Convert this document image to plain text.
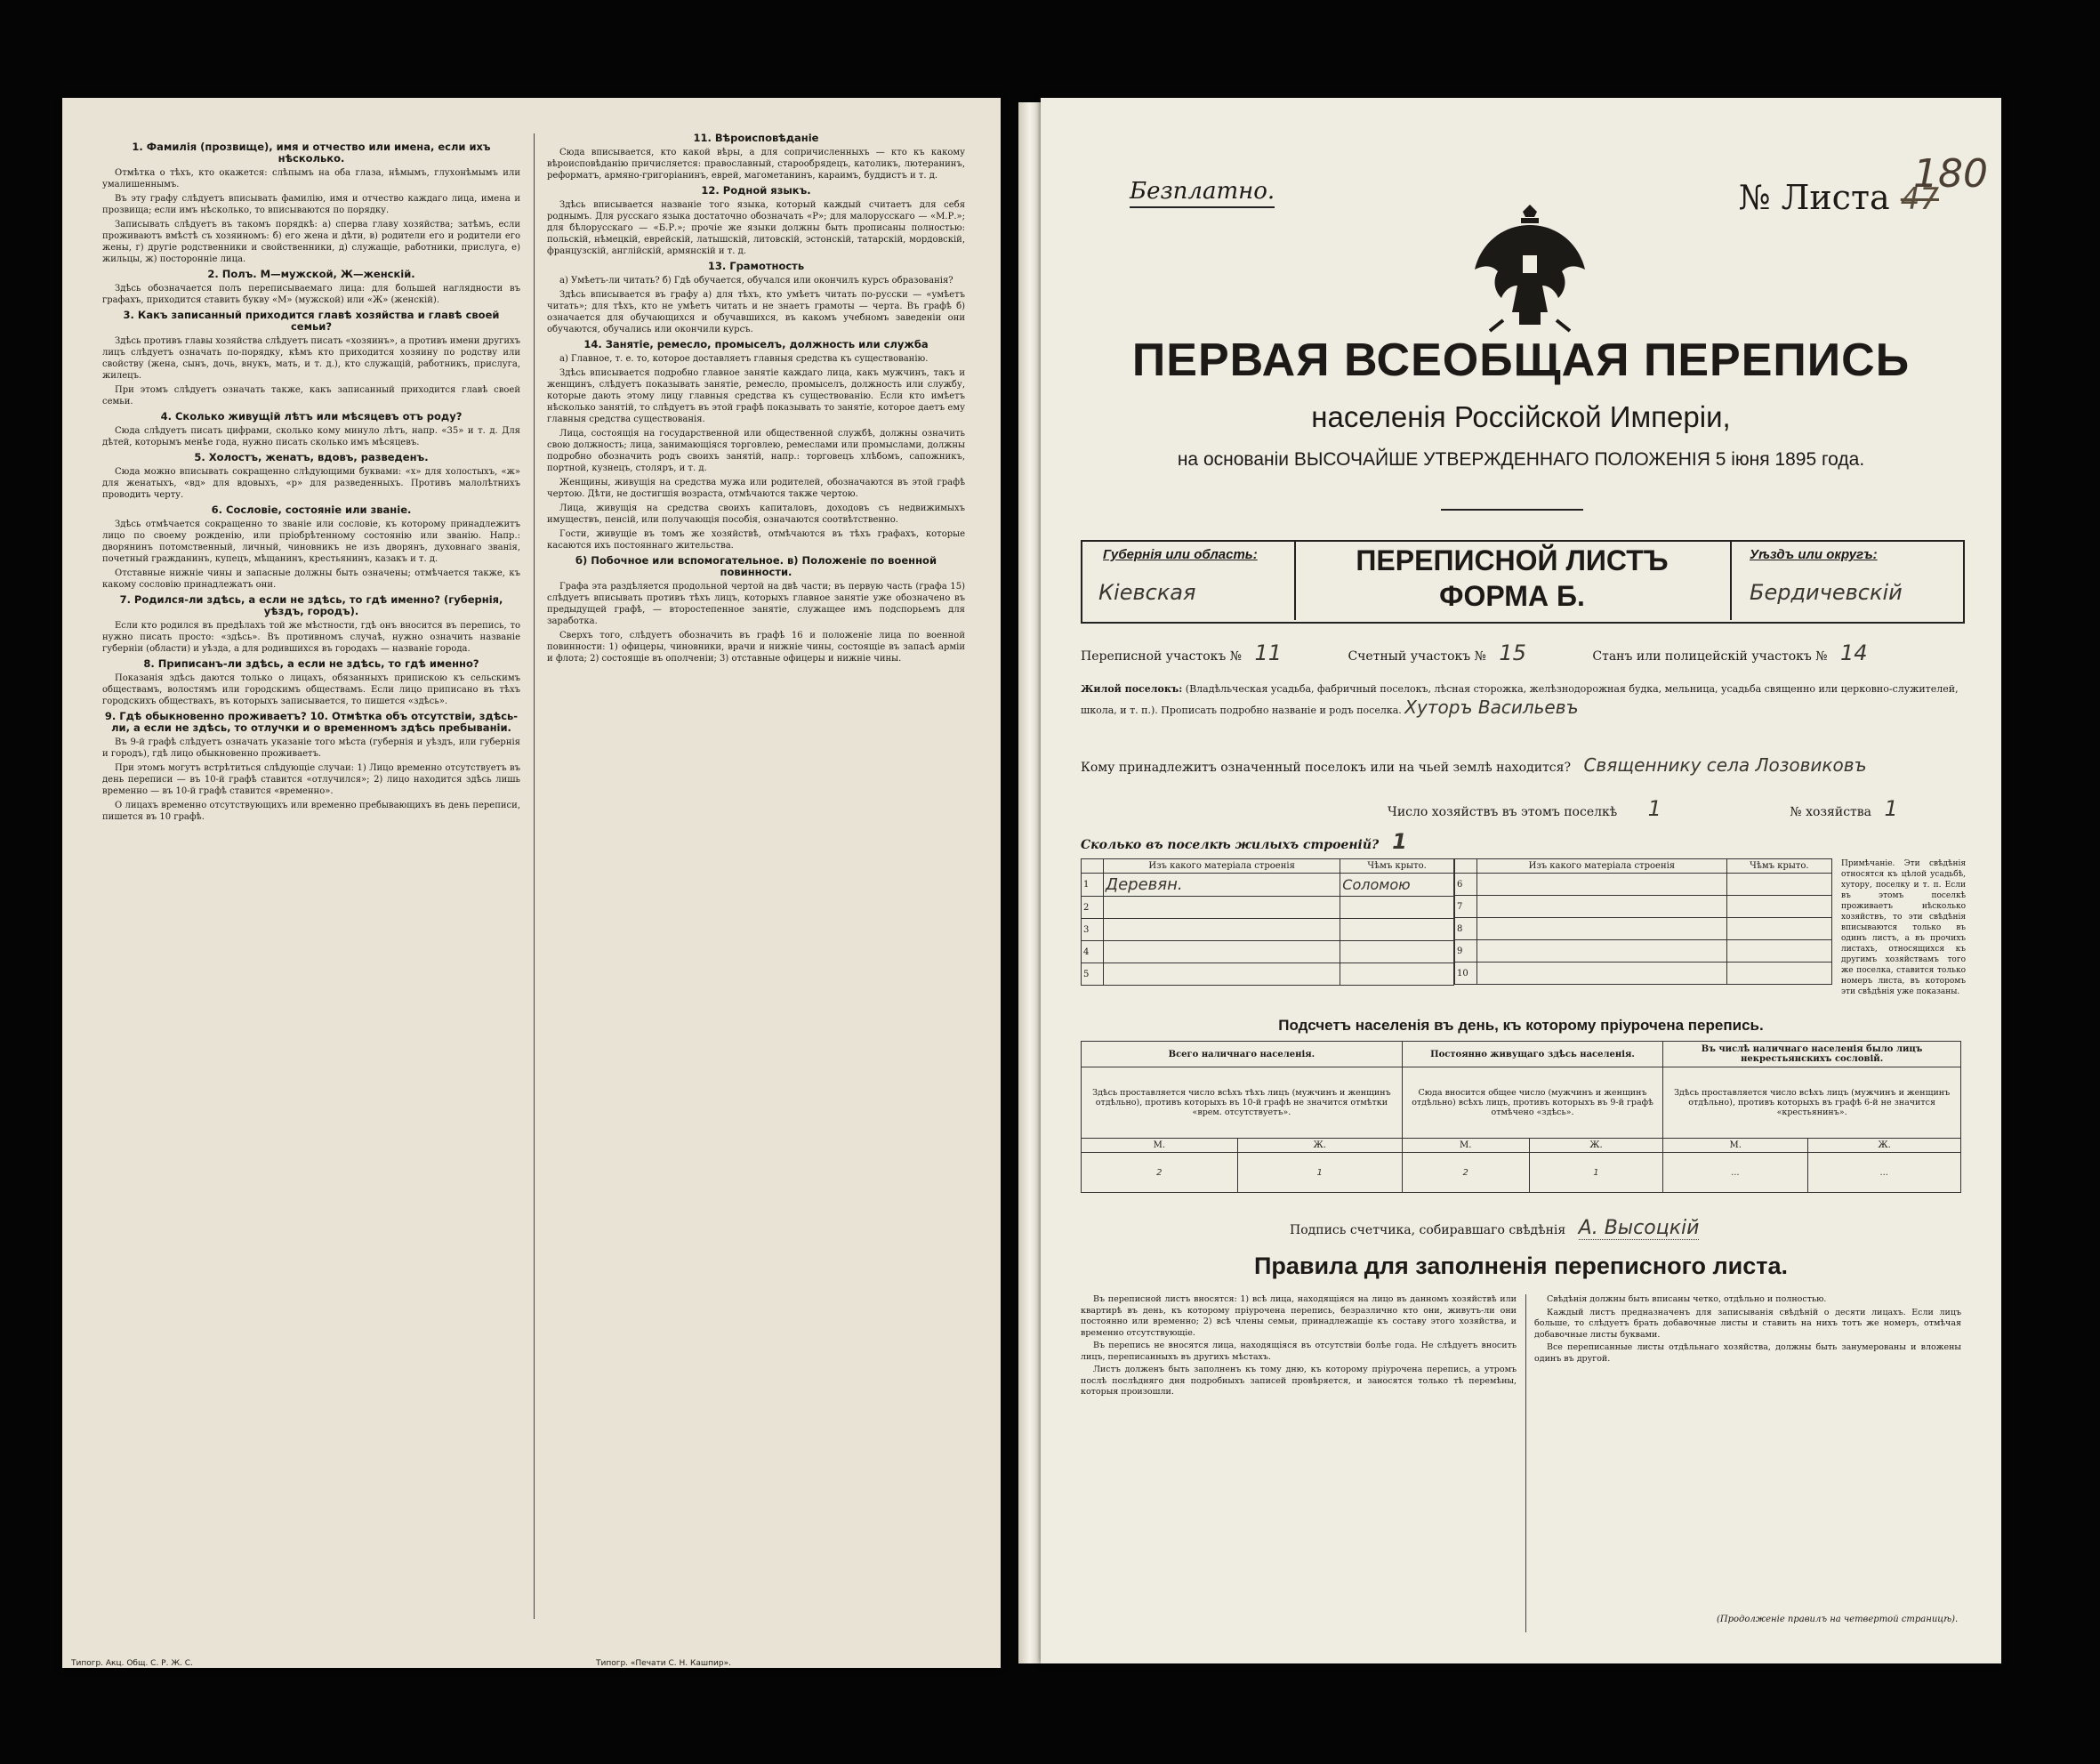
1. Фамилія (прозвище), имя и отчество или имена, если ихъ нѣсколько.

Отмѣтка о тѣхъ, кто окажется: слѣпымъ на оба глаза, нѣмымъ, глухонѣмымъ или умалишеннымъ.

Въ эту графу слѣдуетъ вписывать фамилію, имя и отчество каждаго лица, имена и прозвища; если имъ нѣсколько, то вписываются по порядку.

Записывать слѣдуетъ въ такомъ порядкѣ: а) сперва главу хозяйства; затѣмъ, если проживаютъ вмѣстѣ съ хозяиномъ: б) его жена и дѣти, в) родители его и родители его жены, г) другіе родственники и свойственники, д) служащіе, работники, прислуга, е) жильцы, ж) посторонніе лица.

2. Полъ. М—мужской, Ж—женскій.

Здѣсь обозначается полъ переписываемаго лица: для большей наглядности въ графахъ, приходится ставить букву «М» (мужской) или «Ж» (женскій).

3. Какъ записанный приходится главѣ хозяйства и главѣ своей семьи?

Здѣсь противъ главы хозяйства слѣдуетъ писать «хозяинъ», а противъ имени другихъ лицъ слѣдуетъ означать по-порядку, кѣмъ кто приходится хозяину по родству или свойству (жена, сынъ, дочь, внукъ, мать, и т. д.), кто служащій, работникъ, прислуга, жилецъ.

При этомъ слѣдуетъ означать также, какъ записанный приходится главѣ своей семьи.

4. Сколько живущій лѣтъ или мѣсяцевъ отъ роду?

Сюда слѣдуетъ писать цифрами, сколько кому минуло лѣтъ, напр. «35» и т. д. Для дѣтей, которымъ менѣе года, нужно писать сколько имъ мѣсяцевъ.

5. Холостъ, женатъ, вдовъ, разведенъ.

Сюда можно вписывать сокращенно слѣдующими буквами: «х» для холостыхъ, «ж» для женатыхъ, «вд» для вдовыхъ, «р» для разведенныхъ. Противъ малолѣтнихъ проводить черту.

6. Сословіе, состояніе или званіе.

Здѣсь отмѣчается сокращенно то званіе или сословіе, къ которому принадлежитъ лицо по своему рожденію, или пріобрѣтенному состоянію или званію. Напр.: дворянинъ потомственный, личный, чиновникъ не изъ дворянъ, духовнаго званія, почетный гражданинъ, купецъ, мѣщанинъ, крестьянинъ, казакъ и т. д.

Отставные нижніе чины и запасные должны быть означены; отмѣчается также, къ какому сословію принадлежатъ они.

7. Родился-ли здѣсь, а если не здѣсь, то гдѣ именно? (губернія, уѣздъ, городъ).

Если кто родился въ предѣлахъ той же мѣстности, гдѣ онъ вносится въ перепись, то нужно писать просто: «здѣсь». Въ противномъ случаѣ, нужно означить названіе губерніи (области) и уѣзда, а для родившихся въ городахъ — названіе города.

8. Приписанъ-ли здѣсь, а если не здѣсь, то гдѣ именно?

Показанія здѣсь даются только о лицахъ, обязанныхъ припискою къ сельскимъ обществамъ, волостямъ или городскимъ обществамъ. Если лицо приписано въ тѣхъ городскихъ обществахъ, въ которыхъ записывается, то пишется «здѣсь».

9. Гдѣ обыкновенно проживаетъ? 10. Отмѣтка объ отсутствіи, здѣсь-ли, а если не здѣсь, то отлучки и о временномъ здѣсь пребываніи.

Въ 9-й графѣ слѣдуетъ означать указаніе того мѣста (губернія и уѣздъ, или губернія и городъ), гдѣ лицо обыкновенно проживаетъ.

При этомъ могутъ встрѣтиться слѣдующіе случаи: 1) Лицо временно отсутствуетъ въ день переписи — въ 10-й графѣ ставится «отлучился»; 2) лицо находится здѣсь лишь временно — въ 10-й графѣ ставится «временно».

О лицахъ временно отсутствующихъ или временно пребывающихъ въ день переписи, пишется въ 10 графѣ.

11. Вѣроисповѣданіе

Сюда вписывается, кто какой вѣры, а для сопричисленныхъ — кто къ какому вѣроисповѣданію причисляется: православный, старообрядецъ, католикъ, лютеранинъ, реформатъ, армяно-григоріанинъ, еврей, магометанинъ, караимъ, буддистъ и т. д.

12. Родной языкъ.

Здѣсь вписывается названіе того языка, который каждый считаетъ для себя роднымъ. Для русскаго языка достаточно обозначать «Р»; для малорусскаго — «М.Р.»; для бѣлорусскаго — «Б.Р.»; прочіе же языки должны быть прописаны полностью: польскій, нѣмецкій, еврейскій, латышскій, литовскій, эстонскій, татарскій, мордовскій, французскій, англійскій, армянскій и т. д.

13. Грамотность

а) Умѣетъ-ли читать? б) Гдѣ обучается, обучался или окончилъ курсъ образованія?

Здѣсь вписывается въ графу а) для тѣхъ, кто умѣетъ читать по-русски — «умѣетъ читать»; для тѣхъ, кто не умѣетъ читать и не знаетъ грамоты — черта. Въ графѣ б) означается для обучающихся и обучавшихся, въ какомъ учебномъ заведеніи они обучаются, обучались или окончили курсъ.

14. Занятіе, ремесло, промыселъ, должность или служба

а) Главное, т. е. то, которое доставляетъ главныя средства къ существованію.

Здѣсь вписывается подробно главное занятіе каждаго лица, какъ мужчинъ, такъ и женщинъ, слѣдуетъ показывать занятіе, ремесло, промыселъ, должность или службу, которые дають этому лицу главныя средства къ существованію. Если кто имѣетъ нѣсколько занятій, то слѣдуетъ въ этой графѣ показывать то занятіе, которое даетъ ему главныя средства существованія.

Лица, состоящія на государственной или общественной службѣ, должны означить свою должность; лица, занимающіяся торговлею, ремеслами или промыслами, должны подробно обозначить родъ своихъ занятій, напр.: торговецъ хлѣбомъ, сапожникъ, портной, кузнецъ, столяръ, и т. д.

Женщины, живущія на средства мужа или родителей, обозначаются въ этой графѣ чертою. Дѣти, не достигшія возраста, отмѣчаются также чертою.

Лица, живущія на средства своихъ капиталовъ, доходовъ съ недвижимыхъ имуществъ, пенсій, или получающія пособія, означаются соотвѣтственно.

Гости, живущіе въ томъ же хозяйствѣ, отмѣчаются въ тѣхъ графахъ, которые касаются ихъ постояннаго жительства.

б) Побочное или вспомогательное. в) Положеніе по военной повинности.

Графа эта раздѣляется продольной чертой на двѣ части; въ первую часть (графа 15) слѣдуетъ вписывать противъ тѣхъ лицъ, которыхъ главное занятіе уже обозначено въ предыдущей графѣ, — второстепенное занятіе, служащее имъ подспорьемъ для заработка.

Сверхъ того, слѣдуетъ обозначить въ графѣ 16 и положеніе лица по военной повинности: 1) офицеры, чиновники, врачи и нижніе чины, состоящіе въ запасѣ арміи и флота; 2) состоящіе въ ополченіи; 3) отставные офицеры и нижніе чины.

Типогр. Акц. Общ. С. Р. Ж. С.	Типогр. «Печати С. Н. Кашпир».
Безплатно.	№ Листа 47
180
ПЕРВАЯ ВСЕОБЩАЯ ПЕРЕПИСЬ
населенія Россійской Имперіи,
на основаніи ВЫСОЧАЙШЕ УТВЕРЖДЕННАГО ПОЛОЖЕНІЯ 5 іюня 1895 года.
Губернія или область:
Кіевская
ПЕРЕПИСНОЙ ЛИСТЪ
ФОРМА Б.
Уѣздъ или округъ:
Бердичевскій
Переписной участокъ № 11	Счетный участокъ № 15	Станъ или полицейскій участокъ № 14
Жилой поселокъ: (Владѣльческая усадьба, фабричный поселокъ, лѣсная сторожка, желѣзнодорожная будка, мельница, усадьба священно или церковно-служителей, школа, и т. п.). Прописать подробно названіе и родъ поселка. Хуторъ Васильевъ
Кому принадлежитъ означенный поселокъ или на чьей землѣ находится? Священнику села Лозовиковъ
Число хозяйствъ въ этомъ поселкѣ 1	№ хозяйства 1
Сколько въ поселкѣ жилыхъ строеній? 1
	Изъ какого матеріала строенія	Чѣмъ крыто.
1	Деревян.	Соломою
2		
3		
4		
5		
	Изъ какого матеріала строенія	Чѣмъ крыто.
6		
7		
8		
9		
10		
Примѣчаніе. Эти свѣдѣнія относятся къ цѣлой усадьбѣ, хутору, поселку и т. п. Если въ этомъ поселкѣ проживаетъ нѣсколько хозяйствъ, то эти свѣдѣнія вписываются только въ одинъ листъ, а въ прочихъ листахъ, относящихся къ другимъ хозяйствамъ того же поселка, ставится только номеръ листа, въ которомъ эти свѣдѣнія уже показаны.
Подсчетъ населенія въ день, къ которому пріурочена перепись.
Всего наличнаго населенія.		Постоянно живущаго здѣсь населенія.		Въ числѣ наличнаго населенія было лицъ некрестьянскихъ сословій.	
Здѣсь проставляется число всѣхъ тѣхъ лицъ (мужчинъ и женщинъ отдѣльно), противъ которыхъ въ 10-й графѣ не значится отмѣтки «врем. отсутствуетъ».		Сюда вносится общее число (мужчинъ и женщинъ отдѣльно) всѣхъ лицъ, противъ которыхъ въ 9-й графѣ отмѣчено «здѣсь».		Здѣсь проставляется число всѣхъ лицъ (мужчинъ и женщинъ отдѣльно), противъ которыхъ въ графѣ 6-й не значится «крестьянинъ».	
М.	Ж.	М.	Ж.	М.	Ж.
2	1	2	1	...	...
Подпись счетчика, собиравшаго свѣдѣнія А. Высоцкій
Правила для заполненія переписного листа.

Въ переписной листъ вносятся: 1) всѣ лица, находящіяся на лицо въ данномъ хозяйствѣ или квартирѣ въ день, къ которому пріурочена перепись, безразлично кто они, живутъ-ли они постоянно или временно; 2) всѣ члены семьи, принадлежащіе къ составу этого хозяйства, и временно отсутствующіе.

Въ перепись не вносятся лица, находящіяся въ отсутствіи болѣе года. Не слѣдуетъ вносить лицъ, переписанныхъ въ другихъ мѣстахъ.

Листъ долженъ быть заполненъ къ тому дню, къ которому пріурочена перепись, а утромъ послѣ послѣдняго дня подробныхъ записей провѣряется, и заносятся только тѣ перемѣны, которыя произошли.

Свѣдѣнія должны быть вписаны четко, отдѣльно и полностью.

Каждый листъ предназначенъ для записыванія свѣдѣній о десяти лицахъ. Если лицъ больше, то слѣдуетъ брать добавочные листы и ставить на нихъ тотъ же номеръ, отмѣчая добавочные листы буквами.

Все переписанные листы отдѣльнаго хозяйства, должны быть занумерованы и вложены одинъ въ другой.

(Продолженіе правилъ на четвертой страницѣ).
